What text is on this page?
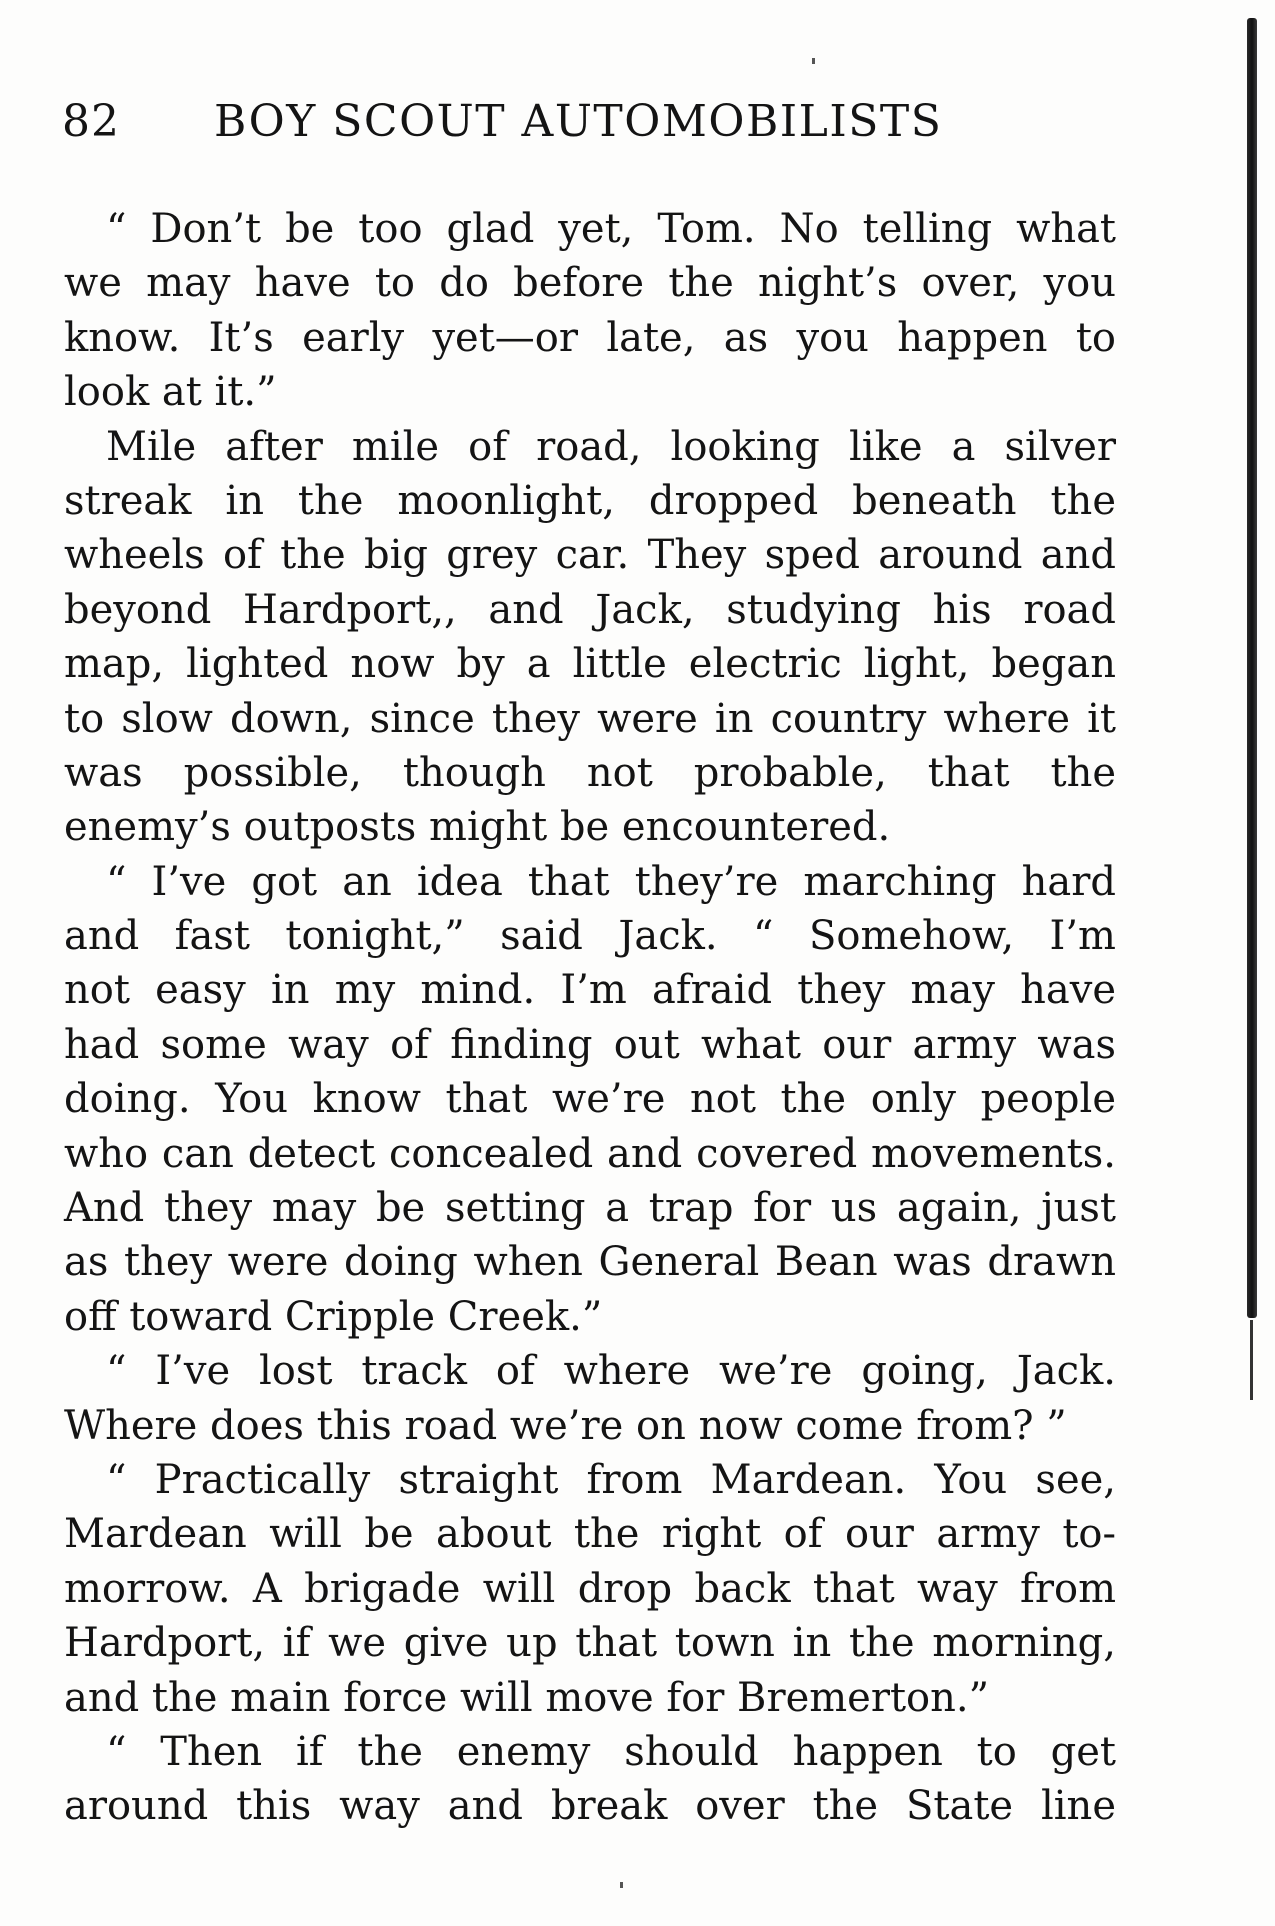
82 BOY SCOUT AUTOMOBILISTS
“ Don’t be too glad yet, Tom. No telling what
we may have to do before the night’s over, you
know. It’s early yet—or late, as you happen to
look at it.”
Mile after mile of road, looking like a silver
streak in the moonlight, dropped beneath the
wheels of the big grey car. They sped around and
beyond Hardport,, and Jack, studying his road
map, lighted now by a little electric light, began
to slow down, since they were in country where it
was possible, though not probable, that the
enemy’s outposts might be encountered.
“ I’ve got an idea that they’re marching hard
and fast tonight,” said Jack. “ Somehow, I’m
not easy in my mind. I’m afraid they may have
had some way of finding out what our army was
doing. You know that we’re not the only people
who can detect concealed and covered movements.
And they may be setting a trap for us again, just
as they were doing when General Bean was drawn
off toward Cripple Creek.”
“ I’ve lost track of where we’re going, Jack.
Where does this road we’re on now come from? ”
“ Practically straight from Mardean. You see,
Mardean will be about the right of our army to-
morrow. A brigade will drop back that way from
Hardport, if we give up that town in the morning,
and the main force will move for Bremerton.”
“ Then if the enemy should happen to get
around this way and break over the State line
